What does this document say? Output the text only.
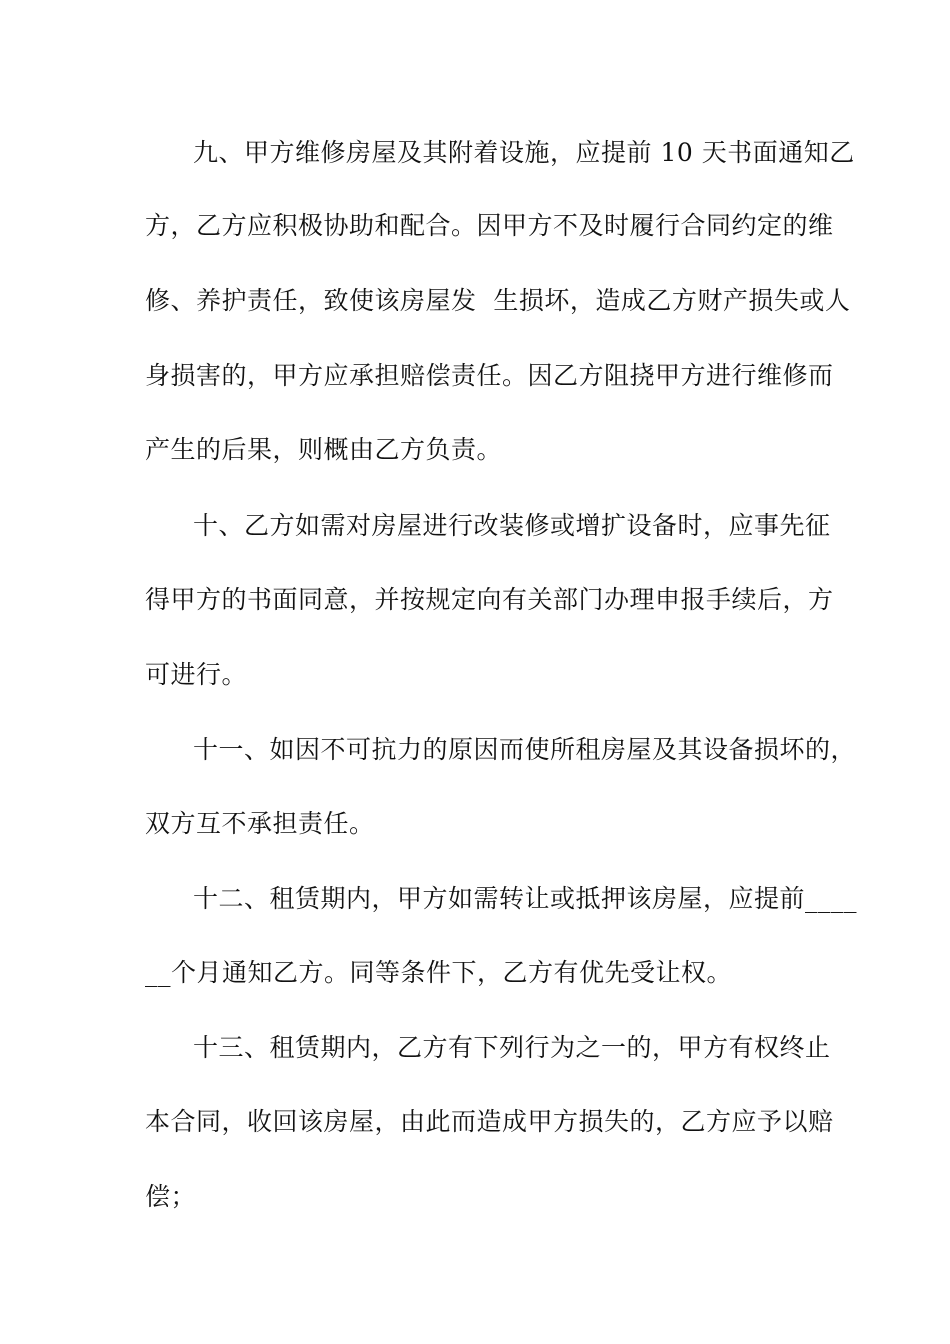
九、甲方维修房屋及其附着设施，应提前 10 天书面通知乙
方，乙方应积极协助和配合。因甲方不及时履行合同约定的维
修、养护责任，致使该房屋发  生损坏，造成乙方财产损失或人
身损害的，甲方应承担赔偿责任。因乙方阻挠甲方进行维修而
产生的后果，则概由乙方负责。
十、乙方如需对房屋进行改装修或增扩设备时，应事先征
得甲方的书面同意，并按规定向有关部门办理申报手续后，方
可进行。
十一、如因不可抗力的原因而使所租房屋及其设备损坏的，
双方互不承担责任。
十二、租赁期内，甲方如需转让或抵押该房屋，应提前____
__个月通知乙方。同等条件下，乙方有优先受让权。
十三、租赁期内，乙方有下列行为之一的，甲方有权终止
本合同，收回该房屋，由此而造成甲方损失的，乙方应予以赔
偿；
